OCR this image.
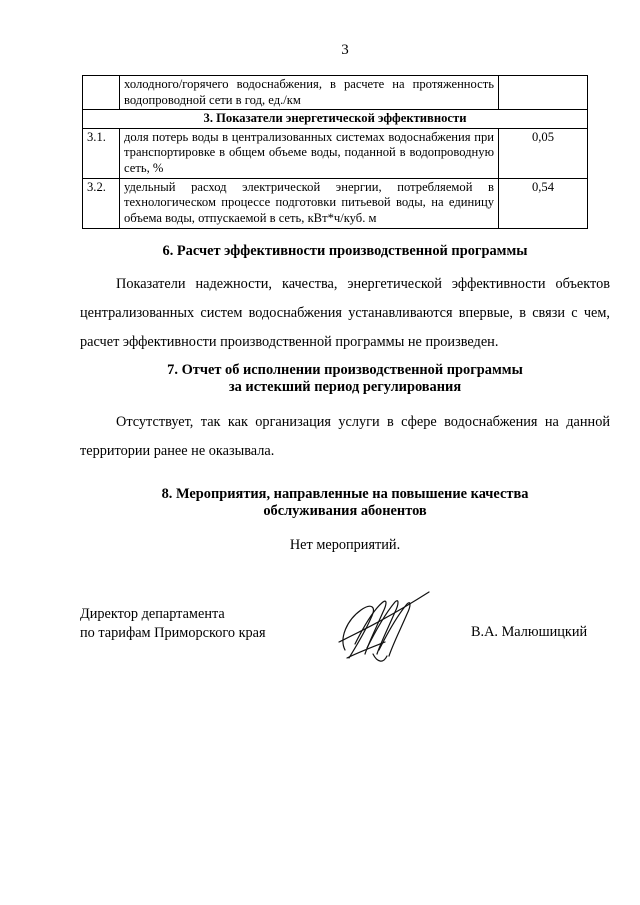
3
	холодного/горячего водоснабжения, в расчете на протяженность водопроводной сети в год, ед./км	
3. Показатели энергетической эффективности		
3.1.	доля потерь воды в централизованных системах водоснабжения при транспортировке в общем объеме воды, поданной в водопроводную сеть, %	0,05
3.2.	удельный расход электрической энергии, потребляемой в технологическом процессе подготовки питьевой воды, на единицу объема воды, отпускаемой в сеть, кВт*ч/куб. м	0,54
6. Расчет эффективности производственной программы

Показатели надежности, качества, энергетической эффективности объектов централизованных систем водоснабжения устанавливаются впервые, в связи с чем, расчет эффективности производственной программы не произведен.

7. Отчет об исполнении производственной программы
за истекший период регулирования

Отсутствует, так как организация услуги в сфере водоснабжения на данной территории ранее не оказывала.

8. Мероприятия, направленные на повышение качества
обслуживания абонентов
Нет мероприятий.
Директор департамента
по тарифам Приморского края	В.А. Малюшицкий
